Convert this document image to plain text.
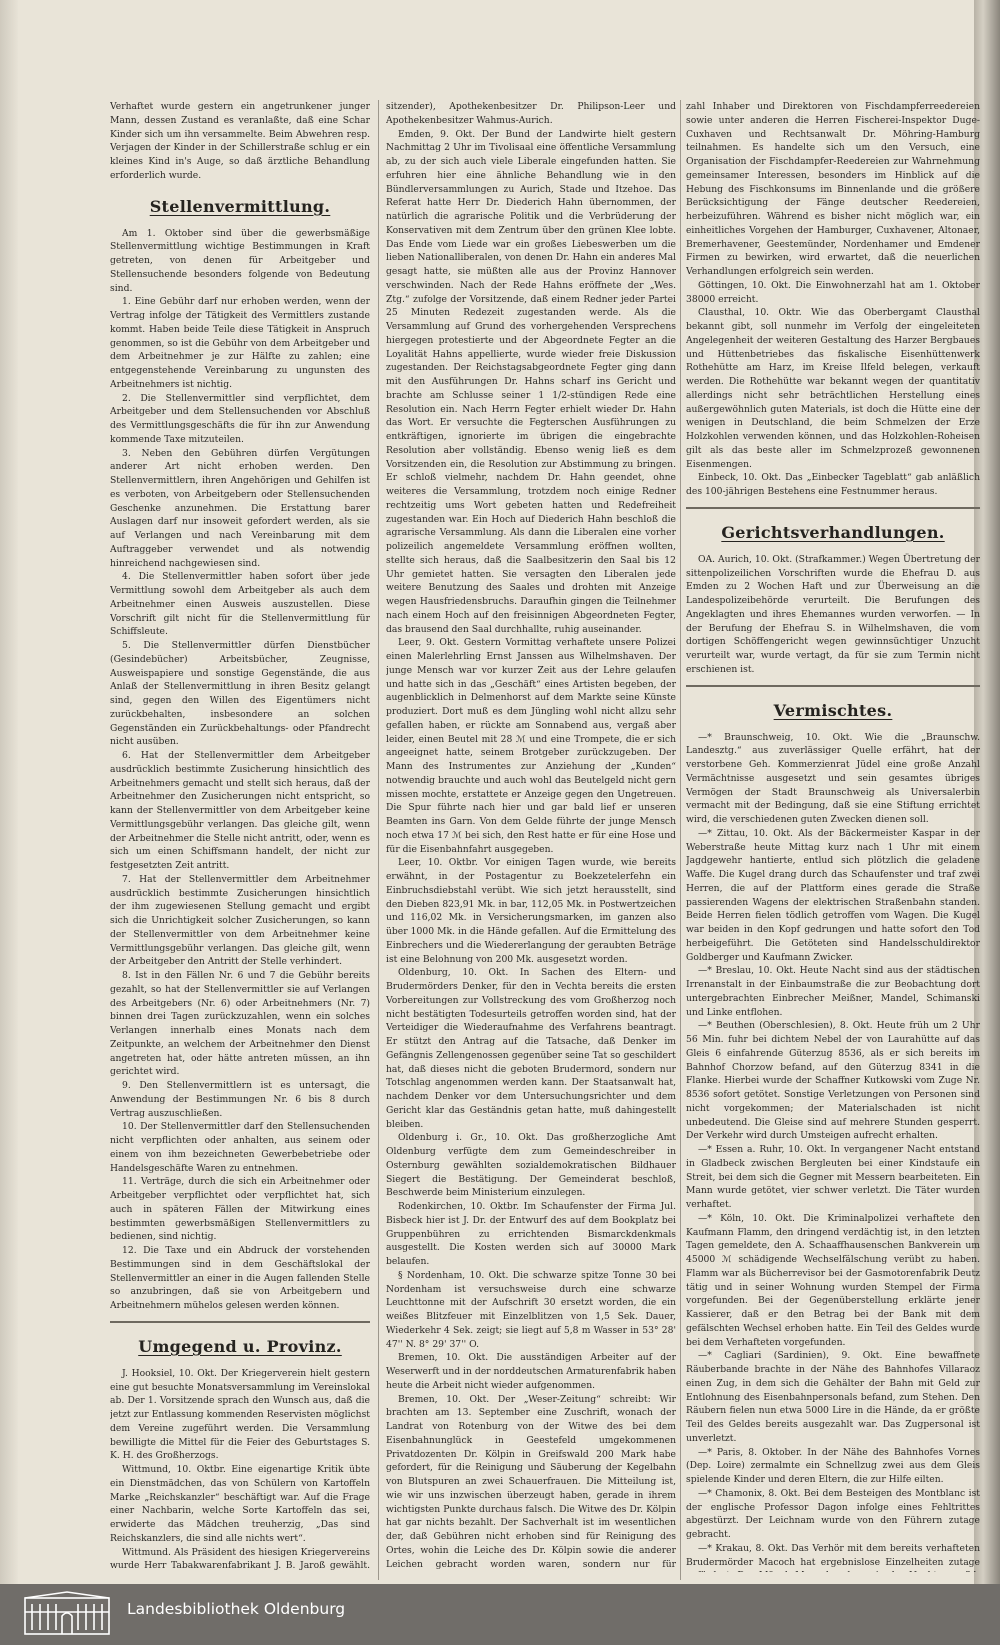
Verhaftet wurde gestern ein angetrunkener junger Mann, dessen Zustand es veranlaßte, daß eine Schar Kinder sich um ihn versammelte. Beim Abwehren resp. Verjagen der Kinder in der Schillerstraße schlug er ein kleines Kind in's Auge, so daß ärztliche Behandlung erforderlich wurde.

Stellenvermittlung.

Am 1. Oktober sind über die gewerbsmäßige Stellenvermittlung wichtige Bestimmungen in Kraft getreten, von denen für Arbeitgeber und Stellensuchende besonders folgende von Bedeutung sind.

1. Eine Gebühr darf nur erhoben werden, wenn der Vertrag infolge der Tätigkeit des Vermittlers zustande kommt. Haben beide Teile diese Tätigkeit in Anspruch genommen, so ist die Gebühr von dem Arbeitgeber und dem Arbeitnehmer je zur Hälfte zu zahlen; eine entgegenstehende Vereinbarung zu ungunsten des Arbeitnehmers ist nichtig.

2. Die Stellenvermittler sind verpflichtet, dem Arbeitgeber und dem Stellensuchenden vor Abschluß des Vermittlungsgeschäfts die für ihn zur Anwendung kommende Taxe mitzuteilen.

3. Neben den Gebühren dürfen Vergütungen anderer Art nicht erhoben werden. Den Stellenvermittlern, ihren Angehörigen und Gehilfen ist es verboten, von Arbeitgebern oder Stellensuchenden Geschenke anzunehmen. Die Erstattung barer Auslagen darf nur insoweit gefordert werden, als sie auf Verlangen und nach Vereinbarung mit dem Auftraggeber verwendet und als notwendig hinreichend nachgewiesen sind.

4. Die Stellenvermittler haben sofort über jede Vermittlung sowohl dem Arbeitgeber als auch dem Arbeitnehmer einen Ausweis auszustellen. Diese Vorschrift gilt nicht für die Stellenvermittlung für Schiffsleute.

5. Die Stellenvermittler dürfen Dienstbücher (Gesindebücher) Arbeitsbücher, Zeugnisse, Ausweispapiere und sonstige Gegenstände, die aus Anlaß der Stellenvermittlung in ihren Besitz gelangt sind, gegen den Willen des Eigentümers nicht zurückbehalten, insbesondere an solchen Gegenständen ein Zurückbehaltungs- oder Pfandrecht nicht ausüben.

6. Hat der Stellenvermittler dem Arbeitgeber ausdrücklich bestimmte Zusicherung hinsichtlich des Arbeitnehmers gemacht und stellt sich heraus, daß der Arbeitnehmer den Zusicherungen nicht entspricht, so kann der Stellenvermittler von dem Arbeitgeber keine Vermittlungsgebühr verlangen. Das gleiche gilt, wenn der Arbeitnehmer die Stelle nicht antritt, oder, wenn es sich um einen Schiffsmann handelt, der nicht zur festgesetzten Zeit antritt.

7. Hat der Stellenvermittler dem Arbeitnehmer ausdrücklich bestimmte Zusicherungen hinsichtlich der ihm zugewiesenen Stellung gemacht und ergibt sich die Unrichtigkeit solcher Zusicherungen, so kann der Stellenvermittler von dem Arbeitnehmer keine Vermittlungsgebühr verlangen. Das gleiche gilt, wenn der Arbeitgeber den Antritt der Stelle verhindert.

8. Ist in den Fällen Nr. 6 und 7 die Gebühr bereits gezahlt, so hat der Stellenvermittler sie auf Verlangen des Arbeitgebers (Nr. 6) oder Arbeitnehmers (Nr. 7) binnen drei Tagen zurückzuzahlen, wenn ein solches Verlangen innerhalb eines Monats nach dem Zeitpunkte, an welchem der Arbeitnehmer den Dienst angetreten hat, oder hätte antreten müssen, an ihn gerichtet wird.

9. Den Stellenvermittlern ist es untersagt, die Anwendung der Bestimmungen Nr. 6 bis 8 durch Vertrag auszuschließen.

10. Der Stellenvermittler darf den Stellensuchenden nicht verpflichten oder anhalten, aus seinem oder einem von ihm bezeichneten Gewerbebetriebe oder Handelsgeschäfte Waren zu entnehmen.

11. Verträge, durch die sich ein Arbeitnehmer oder Arbeitgeber verpflichtet oder verpflichtet hat, sich auch in späteren Fällen der Mitwirkung eines bestimmten gewerbsmäßigen Stellenvermittlers zu bedienen, sind nichtig.

12. Die Taxe und ein Abdruck der vorstehenden Bestimmungen sind in dem Geschäftslokal der Stellenvermittler an einer in die Augen fallenden Stelle so anzubringen, daß sie von Arbeitgebern und Arbeitnehmern mühelos gelesen werden können.

Umgegend u. Provinz.

J. Hooksiel, 10. Okt. Der Kriegerverein hielt gestern eine gut besuchte Monatsversammlung im Vereinslokal ab. Der 1. Vorsitzende sprach den Wunsch aus, daß die jetzt zur Entlassung kommenden Reservisten möglichst dem Vereine zugeführt werden. Die Versammlung bewilligte die Mittel für die Feier des Geburtstages S. K. H. des Großherzogs.

Wittmund, 10. Oktbr. Eine eigenartige Kritik übte ein Dienstmädchen, das von Schülern von Kartoffeln Marke „Reichskanzler“ beschäftigt war. Auf die Frage einer Nachbarin, welche Sorte Kartoffeln das sei, erwiderte das Mädchen treuherzig, „Das sind Reichskanzlers, die sind alle nichts wert“.

Wittmund. Als Präsident des hiesigen Kriegervereins wurde Herr Tabakwarenfabrikant J. B. Jaroß gewählt.

sitzender), Apothekenbesitzer Dr. Philipson-Leer und Apothekenbesitzer Wahmus-Aurich.

Emden, 9. Okt. Der Bund der Landwirte hielt gestern Nachmittag 2 Uhr im Tivolisaal eine öffentliche Versammlung ab, zu der sich auch viele Liberale eingefunden hatten. Sie erfuhren hier eine ähnliche Behandlung wie in den Bündlerversammlungen zu Aurich, Stade und Itzehoe. Das Referat hatte Herr Dr. Diederich Hahn übernommen, der natürlich die agrarische Politik und die Verbrüderung der Konservativen mit dem Zentrum über den grünen Klee lobte. Das Ende vom Liede war ein großes Liebeswerben um die lieben Nationalliberalen, von denen Dr. Hahn ein anderes Mal gesagt hatte, sie müßten alle aus der Provinz Hannover verschwinden. Nach der Rede Hahns eröffnete der „Wes. Ztg.“ zufolge der Vorsitzende, daß einem Redner jeder Partei 25 Minuten Redezeit zugestanden werde. Als die Versammlung auf Grund des vorhergehenden Versprechens hiergegen protestierte und der Abgeordnete Fegter an die Loyalität Hahns appellierte, wurde wieder freie Diskussion zugestanden. Der Reichstagsabgeordnete Fegter ging dann mit den Ausführungen Dr. Hahns scharf ins Gericht und brachte am Schlusse seiner 1 1/2-stündigen Rede eine Resolution ein. Nach Herrn Fegter erhielt wieder Dr. Hahn das Wort. Er versuchte die Fegterschen Ausführungen zu entkräftigen, ignorierte im übrigen die eingebrachte Resolution aber vollständig. Ebenso wenig ließ es dem Vorsitzenden ein, die Resolution zur Abstimmung zu bringen. Er schloß vielmehr, nachdem Dr. Hahn geendet, ohne weiteres die Versammlung, trotzdem noch einige Redner rechtzeitig ums Wort gebeten hatten und Redefreiheit zugestanden war. Ein Hoch auf Diederich Hahn beschloß die agrarische Versammlung. Als dann die Liberalen eine vorher polizeilich angemeldete Versammlung eröffnen wollten, stellte sich heraus, daß die Saalbesitzerin den Saal bis 12 Uhr gemietet hatten. Sie versagten den Liberalen jede weitere Benutzung des Saales und drohten mit Anzeige wegen Hausfriedensbruchs. Daraufhin gingen die Teilnehmer nach einem Hoch auf den freisinnigen Abgeordneten Fegter, das brausend den Saal durchhallte, ruhig auseinander.

Leer, 9. Okt. Gestern Vormittag verhaftete unsere Polizei einen Malerlehrling Ernst Janssen aus Wilhelmshaven. Der junge Mensch war vor kurzer Zeit aus der Lehre gelaufen und hatte sich in das „Geschäft“ eines Artisten begeben, der augenblicklich in Delmenhorst auf dem Markte seine Künste produziert. Dort muß es dem Jüngling wohl nicht allzu sehr gefallen haben, er rückte am Sonnabend aus, vergaß aber leider, einen Beutel mit 28 ℳ und eine Trompete, die er sich angeeignet hatte, seinem Brotgeber zurückzugeben. Der Mann des Instrumentes zur Anziehung der „Kunden“ notwendig brauchte und auch wohl das Beutelgeld nicht gern missen mochte, erstattete er Anzeige gegen den Ungetreuen. Die Spur führte nach hier und gar bald lief er unseren Beamten ins Garn. Von dem Gelde führte der junge Mensch noch etwa 17 ℳ bei sich, den Rest hatte er für eine Hose und für die Eisenbahnfahrt ausgegeben.

Leer, 10. Oktbr. Vor einigen Tagen wurde, wie bereits erwähnt, in der Postagentur zu Boekzetelerfehn ein Einbruchsdiebstahl verübt. Wie sich jetzt herausstellt, sind den Dieben 823,91 Mk. in bar, 112,05 Mk. in Postwertzeichen und 116,02 Mk. in Versicherungsmarken, im ganzen also über 1000 Mk. in die Hände gefallen. Auf die Ermittelung des Einbrechers und die Wiedererlangung der geraubten Beträge ist eine Belohnung von 200 Mk. ausgesetzt worden.

Oldenburg, 10. Okt. In Sachen des Eltern- und Brudermörders Denker, für den in Vechta bereits die ersten Vorbereitungen zur Vollstreckung des vom Großherzog noch nicht bestätigten Todesurteils getroffen worden sind, hat der Verteidiger die Wiederaufnahme des Verfahrens beantragt. Er stützt den Antrag auf die Tatsache, daß Denker im Gefängnis Zellengenossen gegenüber seine Tat so geschildert hat, daß dieses nicht die geboten Brudermord, sondern nur Totschlag angenommen werden kann. Der Staatsanwalt hat, nachdem Denker vor dem Untersuchungsrichter und dem Gericht klar das Geständnis getan hatte, muß dahingestellt bleiben.

Oldenburg i. Gr., 10. Okt. Das großherzogliche Amt Oldenburg verfügte dem zum Gemeindeschreiber in Osternburg gewählten sozialdemokratischen Bildhauer Siegert die Bestätigung. Der Gemeinderat beschloß, Beschwerde beim Ministerium einzulegen.

Rodenkirchen, 10. Oktbr. Im Schaufenster der Firma Jul. Bisbeck hier ist J. Dr. der Entwurf des auf dem Bookplatz bei Gruppenbühren zu errichtenden Bismarckdenkmals ausgestellt. Die Kosten werden sich auf 30000 Mark belaufen.

§ Nordenham, 10. Okt. Die schwarze spitze Tonne 30 bei Nordenham ist versuchsweise durch eine schwarze Leuchttonne mit der Aufschrift 30 ersetzt worden, die ein weißes Blitzfeuer mit Einzelblitzen von 1,5 Sek. Dauer, Wiederkehr 4 Sek. zeigt; sie liegt auf 5,8 m Wasser in 53° 28' 47'' N. 8° 29' 37'' O.

Bremen, 10. Okt. Die ausständigen Arbeiter auf der Weserwerft und in der norddeutschen Armaturenfabrik haben heute die Arbeit nicht wieder aufgenommen.

Bremen, 10. Okt. Der „Weser-Zeitung“ schreibt: Wir brachten am 13. September eine Zuschrift, wonach der Landrat von Rotenburg von der Witwe des bei dem Eisenbahnunglück in Geestefeld umgekommenen Privatdozenten Dr. Kölpin in Greifswald 200 Mark habe gefordert, für die Reinigung und Säuberung der Kegelbahn von Blutspuren an zwei Schauerfrauen. Die Mitteilung ist, wie wir uns inzwischen überzeugt haben, gerade in ihrem wichtigsten Punkte durchaus falsch. Die Witwe des Dr. Kölpin hat gar nichts bezahlt. Der Sachverhalt ist im wesentlichen der, daß Gebühren nicht erhoben sind für Reinigung des Ortes, wohin die Leiche des Dr. Kölpin sowie die anderer Leichen gebracht worden waren, sondern nur für

zahl Inhaber und Direktoren von Fischdampferreedereien sowie unter anderen die Herren Fischerei-Inspektor Duge-Cuxhaven und Rechtsanwalt Dr. Möhring-Hamburg teilnahmen. Es handelte sich um den Versuch, eine Organisation der Fischdampfer-Reedereien zur Wahrnehmung gemeinsamer Interessen, besonders im Hinblick auf die Hebung des Fischkonsums im Binnenlande und die größere Berücksichtigung der Fänge deutscher Reedereien, herbeizuführen. Während es bisher nicht möglich war, ein einheitliches Vorgehen der Hamburger, Cuxhavener, Altonaer, Bremerhavener, Geestemünder, Nordenhamer und Emdener Firmen zu bewirken, wird erwartet, daß die neuerlichen Verhandlungen erfolgreich sein werden.

Göttingen, 10. Okt. Die Einwohnerzahl hat am 1. Oktober 38000 erreicht.

Clausthal, 10. Oktr. Wie das Oberbergamt Clausthal bekannt gibt, soll nunmehr im Verfolg der eingeleiteten Angelegenheit der weiteren Gestaltung des Harzer Bergbaues und Hüttenbetriebes das fiskalische Eisenhüttenwerk Rothehütte am Harz, im Kreise Ilfeld belegen, verkauft werden. Die Rothehütte war bekannt wegen der quantitativ allerdings nicht sehr beträchtlichen Herstellung eines außergewöhnlich guten Materials, ist doch die Hütte eine der wenigen in Deutschland, die beim Schmelzen der Erze Holzkohlen verwenden können, und das Holzkohlen-Roheisen gilt als das beste aller im Schmelzprozeß gewonnenen Eisenmengen.

Einbeck, 10. Okt. Das „Einbecker Tageblatt“ gab anläßlich des 100-jährigen Bestehens eine Festnummer heraus.

Gerichtsverhandlungen.

OA. Aurich, 10. Okt. (Strafkammer.) Wegen Übertretung der sittenpolizeilichen Vorschriften wurde die Ehefrau D. aus Emden zu 2 Wochen Haft und zur Überweisung an die Landespolizeibehörde verurteilt. Die Berufungen des Angeklagten und ihres Ehemannes wurden verworfen. — In der Berufung der Ehefrau S. in Wilhelmshaven, die vom dortigen Schöffengericht wegen gewinnsüchtiger Unzucht verurteilt war, wurde vertagt, da für sie zum Termin nicht erschienen ist.

Vermischtes.

—* Braunschweig, 10. Okt. Wie die „Braunschw. Landesztg.“ aus zuverlässiger Quelle erfährt, hat der verstorbene Geh. Kommerzienrat Jüdel eine große Anzahl Vermächtnisse ausgesetzt und sein gesamtes übriges Vermögen der Stadt Braunschweig als Universalerbin vermacht mit der Bedingung, daß sie eine Stiftung errichtet wird, die verschiedenen guten Zwecken dienen soll.

—* Zittau, 10. Okt. Als der Bäckermeister Kaspar in der Weberstraße heute Mittag kurz nach 1 Uhr mit einem Jagdgewehr hantierte, entlud sich plötzlich die geladene Waffe. Die Kugel drang durch das Schaufenster und traf zwei Herren, die auf der Plattform eines gerade die Straße passierenden Wagens der elektrischen Straßenbahn standen. Beide Herren fielen tödlich getroffen vom Wagen. Die Kugel war beiden in den Kopf gedrungen und hatte sofort den Tod herbeigeführt. Die Getöteten sind Handelsschuldirektor Goldberger und Kaufmann Zwicker.

—* Breslau, 10. Okt. Heute Nacht sind aus der städtischen Irrenanstalt in der Einbaumstraße die zur Beobachtung dort untergebrachten Einbrecher Meißner, Mandel, Schimanski und Linke entflohen.

—* Beuthen (Oberschlesien), 8. Okt. Heute früh um 2 Uhr 56 Min. fuhr bei dichtem Nebel der von Laurahütte auf das Gleis 6 einfahrende Güterzug 8536, als er sich bereits im Bahnhof Chorzow befand, auf den Güterzug 8341 in die Flanke. Hierbei wurde der Schaffner Kutkowski vom Zuge Nr. 8536 sofort getötet. Sonstige Verletzungen von Personen sind nicht vorgekommen; der Materialschaden ist nicht unbedeutend. Die Gleise sind auf mehrere Stunden gesperrt. Der Verkehr wird durch Umsteigen aufrecht erhalten.

—* Essen a. Ruhr, 10. Okt. In vergangener Nacht entstand in Gladbeck zwischen Bergleuten bei einer Kindstaufe ein Streit, bei dem sich die Gegner mit Messern bearbeiteten. Ein Mann wurde getötet, vier schwer verletzt. Die Täter wurden verhaftet.

—* Köln, 10. Okt. Die Kriminalpolizei verhaftete den Kaufmann Flamm, den dringend verdächtig ist, in den letzten Tagen gemeldete, den A. Schaaffhausenschen Bankverein um 45000 ℳ schädigende Wechselfälschung verübt zu haben. Flamm war als Bücherrevisor bei der Gasmotorenfabrik Deutz tätig und in seiner Wohnung wurden Stempel der Firma vorgefunden. Bei der Gegenüberstellung erklärte jener Kassierer, daß er den Betrag bei der Bank mit dem gefälschten Wechsel erhoben hatte. Ein Teil des Geldes wurde bei dem Verhafteten vorgefunden.

—* Cagliari (Sardinien), 9. Okt. Eine bewaffnete Räuberbande brachte in der Nähe des Bahnhofes Villaraoz einen Zug, in dem sich die Gehälter der Bahn mit Geld zur Entlohnung des Eisenbahnpersonals befand, zum Stehen. Den Räubern fielen nun etwa 5000 Lire in die Hände, da er größte Teil des Geldes bereits ausgezahlt war. Das Zugpersonal ist unverletzt.

—* Paris, 8. Oktober. In der Nähe des Bahnhofes Vornes (Dep. Loire) zermalmte ein Schnellzug zwei aus dem Gleis spielende Kinder und deren Eltern, die zur Hilfe eilten.

—* Chamonix, 8. Okt. Bei dem Besteigen des Montblanc ist der englische Professor Dagon infolge eines Fehltrittes abgestürzt. Der Leichnam wurde von den Führern zutage gebracht.

—* Krakau, 8. Okt. Das Verhör mit dem bereits verhafteten Brudermörder Macoch hat ergebnislose Einzelheiten zutage

Landesbibliothek Oldenburg
